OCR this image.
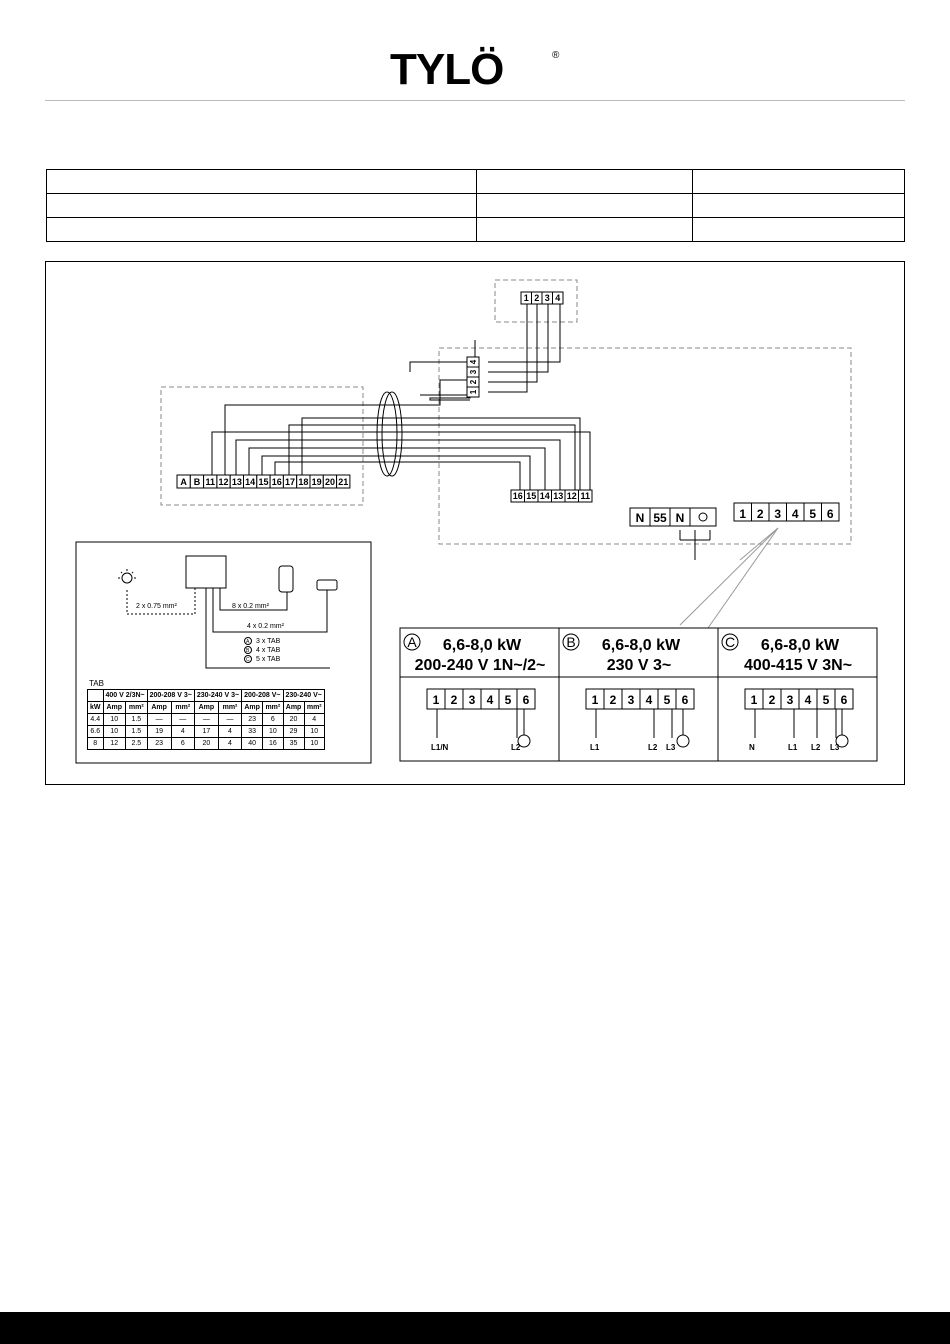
TYLÖ	®

A B 11 12 13 14 15 16 17 18 19 20 21
16 15 14 13 12 11
1 2 3 4
4
3
2
1
N 55 N	1 2 3 4 5 6
2 x 0.75 mm²	8 x 0.2 mm²
4 x 0.2 mm²
A 3 x TAB
B 4 x TAB
C 5 x TAB
A 6,6-8,0 kW
200-240 V 1N~/2~
1 2 3 4 5 6
L1/N	L2
B 6,6-8,0 kW
230 V 3~
1 2 3 4 5 6
L1	L2 L3
C 6,6-8,0 kW
400-415 V 3N~
1 2 3 4 5 6
N	L1 L2 L3
TAB
	400 V 2/3N~		200-208 V 3~		230-240 V 3~		200-208 V~		230-240 V~	
kW	Amp	mm²	Amp	mm²	Amp	mm²	Amp	mm²	Amp	mm²
4.4	10	1.5	—	—	—	—	23	6	20	4
6.6	10	1.5	19	4	17	4	33	10	29	10
8	12	2.5	23	6	20	4	40	16	35	10
